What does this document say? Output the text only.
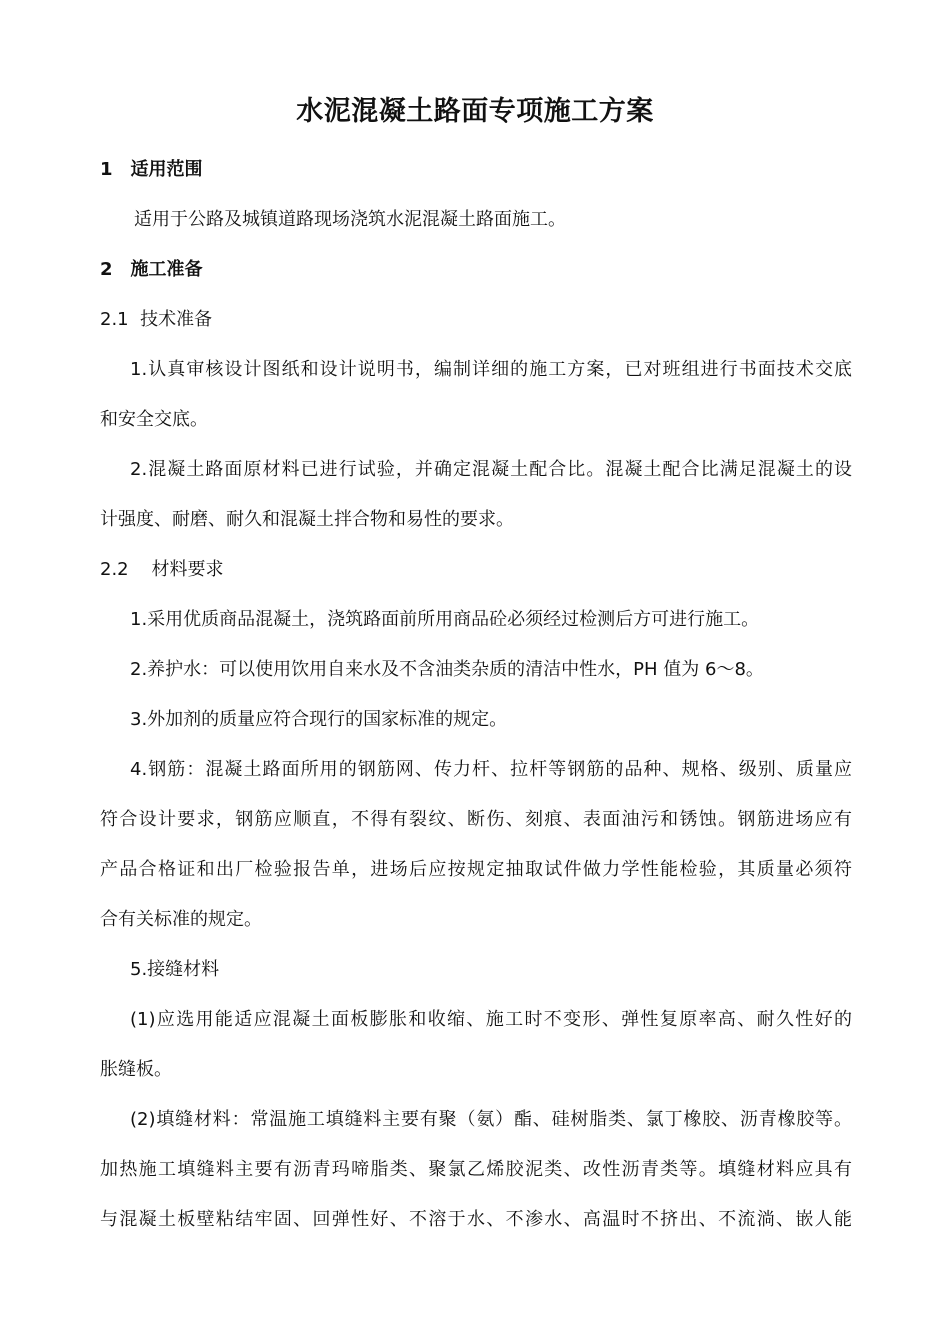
水泥混凝土路面专项施工方案
1 适用范围
适用于公路及城镇道路现场浇筑水泥混凝土路面施工。
2 施工准备
2.1  技术准备
1.认真审核设计图纸和设计说明书，编制详细的施工方案，已对班组进行书面技术交底
和安全交底。
2.混凝土路面原材料已进行试验，并确定混凝土配合比。混凝土配合比满足混凝土的设
计强度、耐磨、耐久和混凝土拌合物和易性的要求。
2.2    材料要求
1.采用优质商品混凝土，浇筑路面前所用商品砼必须经过检测后方可进行施工。
2.养护水：可以使用饮用自来水及不含油类杂质的清洁中性水，PH 值为 6～8。
3.外加剂的质量应符合现行的国家标准的规定。
4.钢筋：混凝土路面所用的钢筋网、传力杆、拉杆等钢筋的品种、规格、级别、质量应
符合设计要求，钢筋应顺直，不得有裂纹、断伤、刻痕、表面油污和锈蚀。钢筋进场应有
产品合格证和出厂检验报告单，进场后应按规定抽取试件做力学性能检验，其质量必须符
合有关标准的规定。
5.接缝材料
(1)应选用能适应混凝土面板膨胀和收缩、施工时不变形、弹性复原率高、耐久性好的
胀缝板。
(2)填缝材料：常温施工填缝料主要有聚（氨）酯、硅树脂类、氯丁橡胶、沥青橡胶等。
加热施工填缝料主要有沥青玛啼脂类、聚氯乙烯胶泥类、改性沥青类等。填缝材料应具有
与混凝土板壁粘结牢固、回弹性好、不溶于水、不渗水、高温时不挤出、不流淌、嵌人能
